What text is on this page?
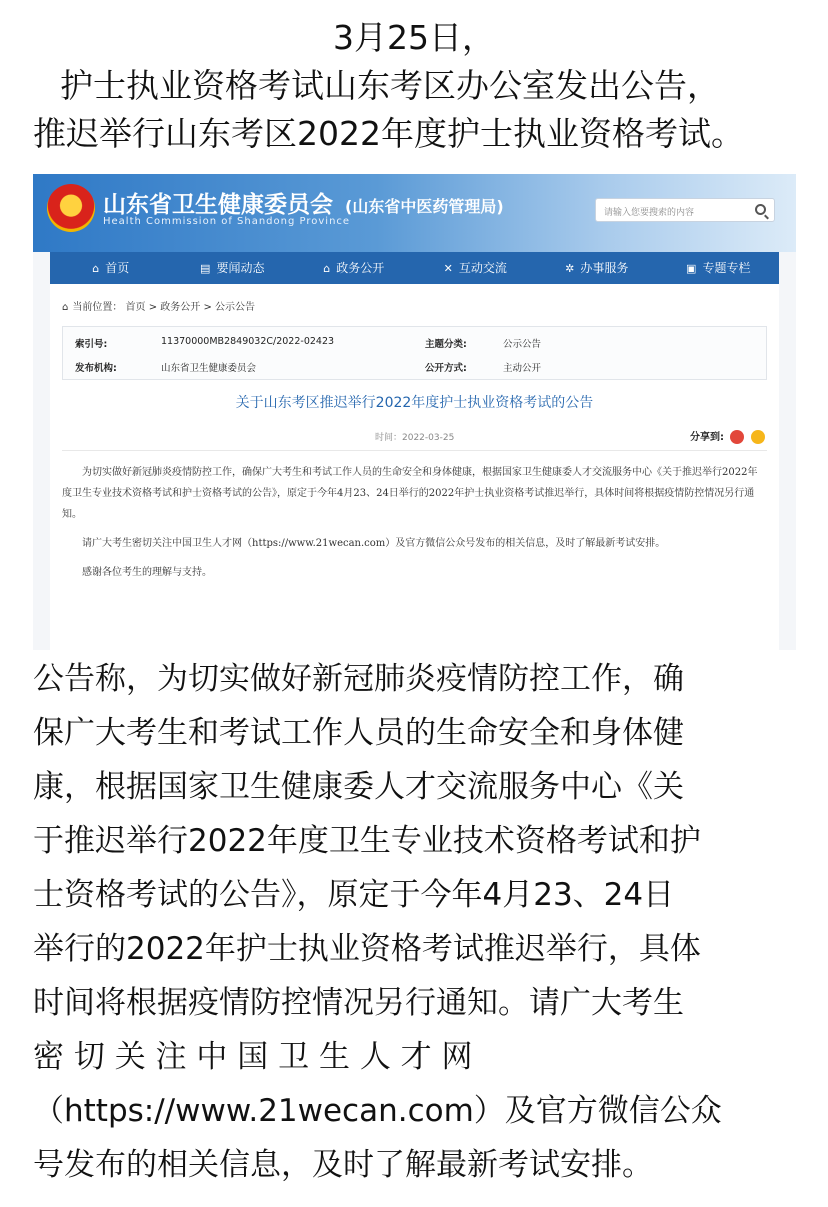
3月25日，
护士执业资格考试山东考区办公室发出公告，
推迟举行山东考区2022年度护士执业资格考试。
山东省卫生健康委员会 (山东省中医药管理局)
Health Commission of Shandong Province
请输入您要搜索的内容
⌂ 首页	▤ 要闻动态	⌂ 政务公开	✕ 互动交流	✲ 办事服务	▣ 专题专栏
⌂ 当前位置： 首页 > 政务公开 > 公示公告
索引号:	11370000MB2849032C/2022-02423	主题分类:	公示公告
发布机构:	山东省卫生健康委员会	公开方式:	主动公开
关于山东考区推迟举行2022年度护士执业资格考试的公告
时间：2022-03-25	分享到:

为切实做好新冠肺炎疫情防控工作，确保广大考生和考试工作人员的生命安全和身体健康，根据国家卫生健康委人才交流服务中心《关于推迟举行2022年度卫生专业技术资格考试和护士资格考试的公告》，原定于今年4月23、24日举行的2022年护士执业资格考试推迟举行，具体时间将根据疫情防控情况另行通知。

请广大考生密切关注中国卫生人才网（https://www.21wecan.com）及官方微信公众号发布的相关信息，及时了解最新考试安排。

感谢各位考生的理解与支持。

公告称，为切实做好新冠肺炎疫情防控工作，确
保广大考生和考试工作人员的生命安全和身体健
康，根据国家卫生健康委人才交流服务中心《关
于推迟举行2022年度卫生专业技术资格考试和护
士资格考试的公告》，原定于今年4月23、24日
举行的2022年护士执业资格考试推迟举行，具体
时间将根据疫情防控情况另行通知。请广大考生
密 切 关 注 中 国 卫 生 人 才 网
（https://www.21wecan.com）及官方微信公众
号发布的相关信息，及时了解最新考试安排。
